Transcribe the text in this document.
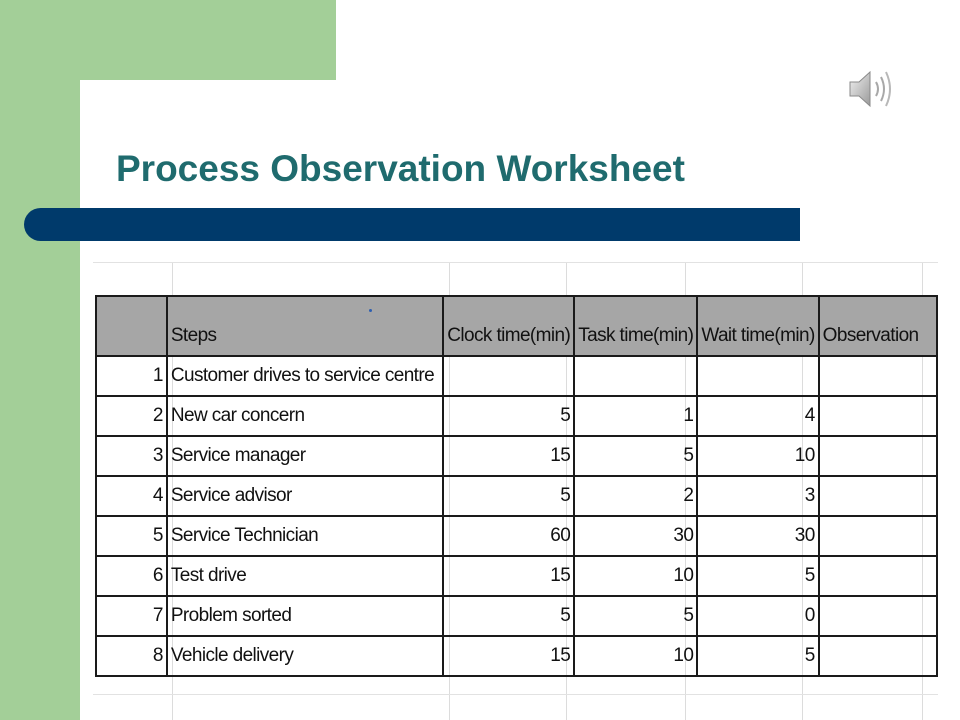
Process Observation Worksheet
	Steps	Clock time(min)	Task time(min)	Wait time(min)	Observation
1	Customer drives to service centre				
2	New car concern	5	1	4	
3	Service manager	15	5	10	
4	Service advisor	5	2	3	
5	Service Technician	60	30	30	
6	Test drive	15	10	5	
7	Problem sorted	5	5	0	
8	Vehicle delivery	15	10	5	
